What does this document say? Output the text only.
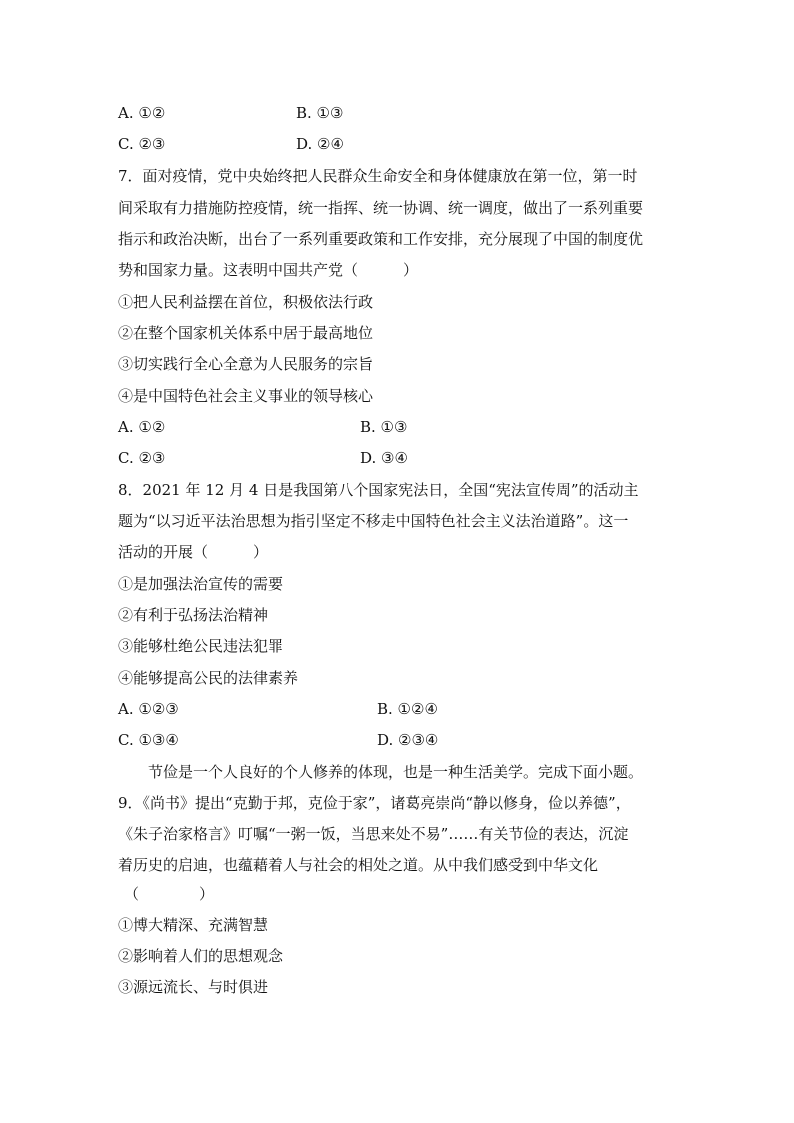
A. ①②	B. ①③
C. ②③	D. ②④
7．面对疫情，党中央始终把人民群众生命安全和身体健康放在第一位，第一时
间采取有力措施防控疫情，统一指挥、统一协调、统一调度，做出了一系列重要
指示和政治决断，出台了一系列重要政策和工作安排，充分展现了中国的制度优
势和国家力量。这表明中国共产党（　　　）
①把人民利益摆在首位，积极依法行政
②在整个国家机关体系中居于最高地位
③切实践行全心全意为人民服务的宗旨
④是中国特色社会主义事业的领导核心
A. ①②	B. ①③
C. ②③	D. ③④
8．2021 年 12 月 4 日是我国第八个国家宪法日，全国“宪法宣传周”的活动主
题为“以习近平法治思想为指引坚定不移走中国特色社会主义法治道路”。这一
活动的开展（　　　）
①是加强法治宣传的需要
②有利于弘扬法治精神
③能够杜绝公民违法犯罪
④能够提高公民的法律素养
A. ①②③	B. ①②④
C. ①③④	D. ②③④
节俭是一个人良好的个人修养的体现，也是一种生活美学。完成下面小题。
9．《尚书》提出“克勤于邦，克俭于家”，诸葛亮崇尚“静以修身，俭以养德”，
《朱子治家格言》叮嘱“一粥一饭，当思来处不易”……有关节俭的表达，沉淀
着历史的启迪，也蕴藉着人与社会的相处之道。从中我们感受到中华文化
（　　　　）
①博大精深、充满智慧
②影响着人们的思想观念
③源远流长、与时俱进
